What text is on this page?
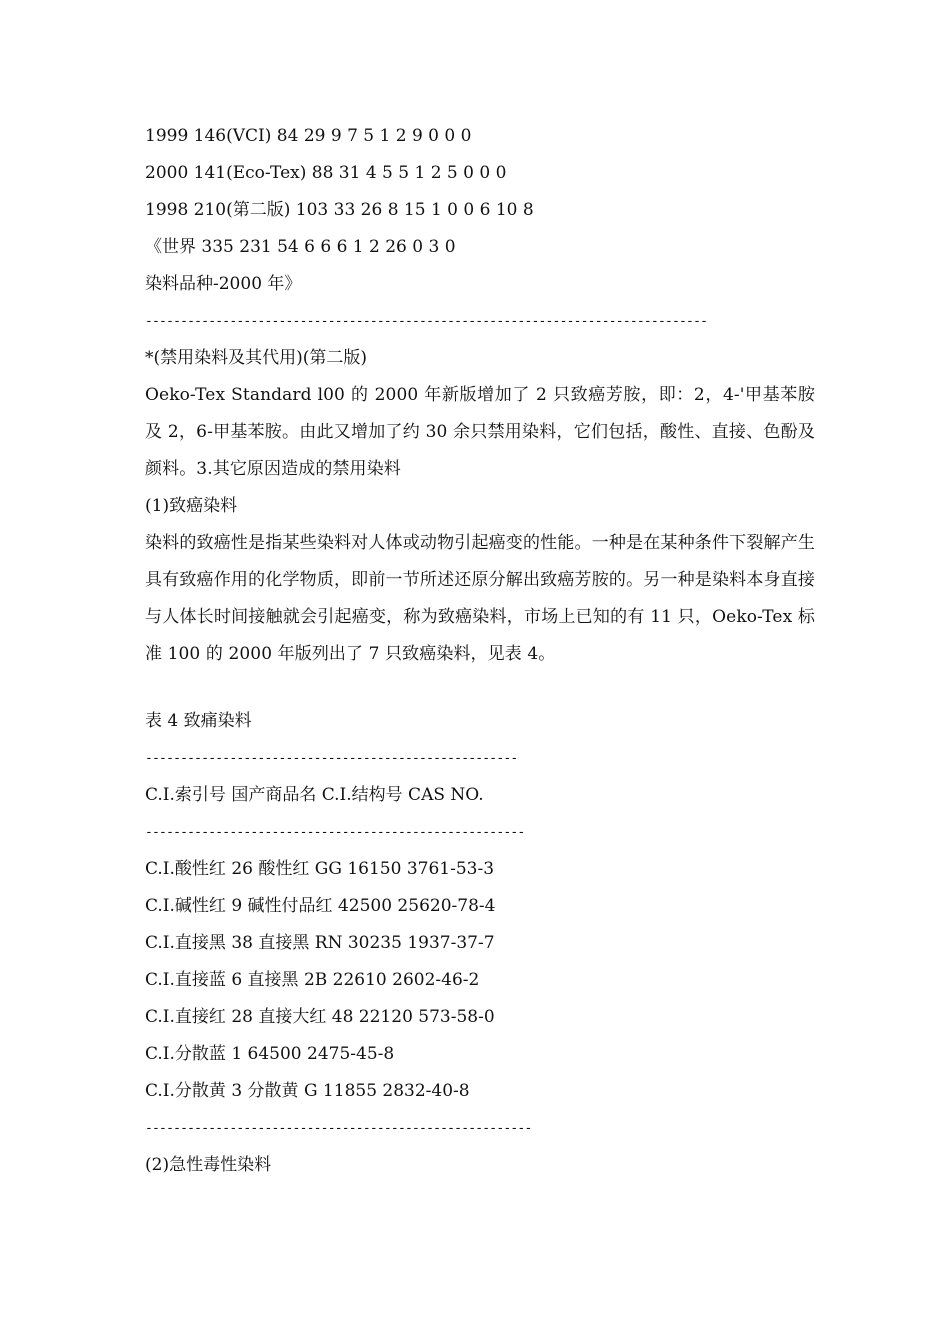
1999 146(VCI) 84 29 9 7 5 1 2 9 0 0 0
2000 141(Eco-Tex) 88 31 4 5 5 1 2 5 0 0 0
1998 210(第二版) 103 33 26 8 15 1 0 0 6 10 8
《世界 335 231 54 6 6 6 1 2 26 0 3 0
染料品种-2000 年》
--------------------------------------------------------------------------------
*(禁用染料及其代用)(第二版)
Oeko-Tex Standard l00 的 2000 年新版增加了 2 只致癌芳胺，即：2，4-'甲基苯胺及 2，6-甲基苯胺。由此又增加了约 30 余只禁用染料，它们包括，酸性、直接、色酚及颜料。3.其它原因造成的禁用染料
(1)致癌染料
染料的致癌性是指某些染料对人体或动物引起癌变的性能。一种是在某种条件下裂解产生具有致癌作用的化学物质，即前一节所述还原分解出致癌芳胺的。另一种是染料本身直接与人体长时间接触就会引起癌变，称为致癌染料，市场上已知的有 11 只，Oeko-Tex 标准 100 的 2000 年版列出了 7 只致癌染料，见表 4。
表 4 致痛染料
-----------------------------------------------------
C.I.索引号 国产商品名 C.I.结构号 CAS NO.
------------------------------------------------------
C.I.酸性红 26 酸性红 GG 16150 3761-53-3
C.I.碱性红 9 碱性付品红 42500 25620-78-4
C.I.直接黑 38 直接黑 RN 30235 1937-37-7
C.I.直接蓝 6 直接黑 2B 22610 2602-46-2
C.I.直接红 28 直接大红 48 22120 573-58-0
C.I.分散蓝 1 64500 2475-45-8
C.I.分散黄 3 分散黄 G 11855 2832-40-8
-------------------------------------------------------
(2)急性毒性染料
